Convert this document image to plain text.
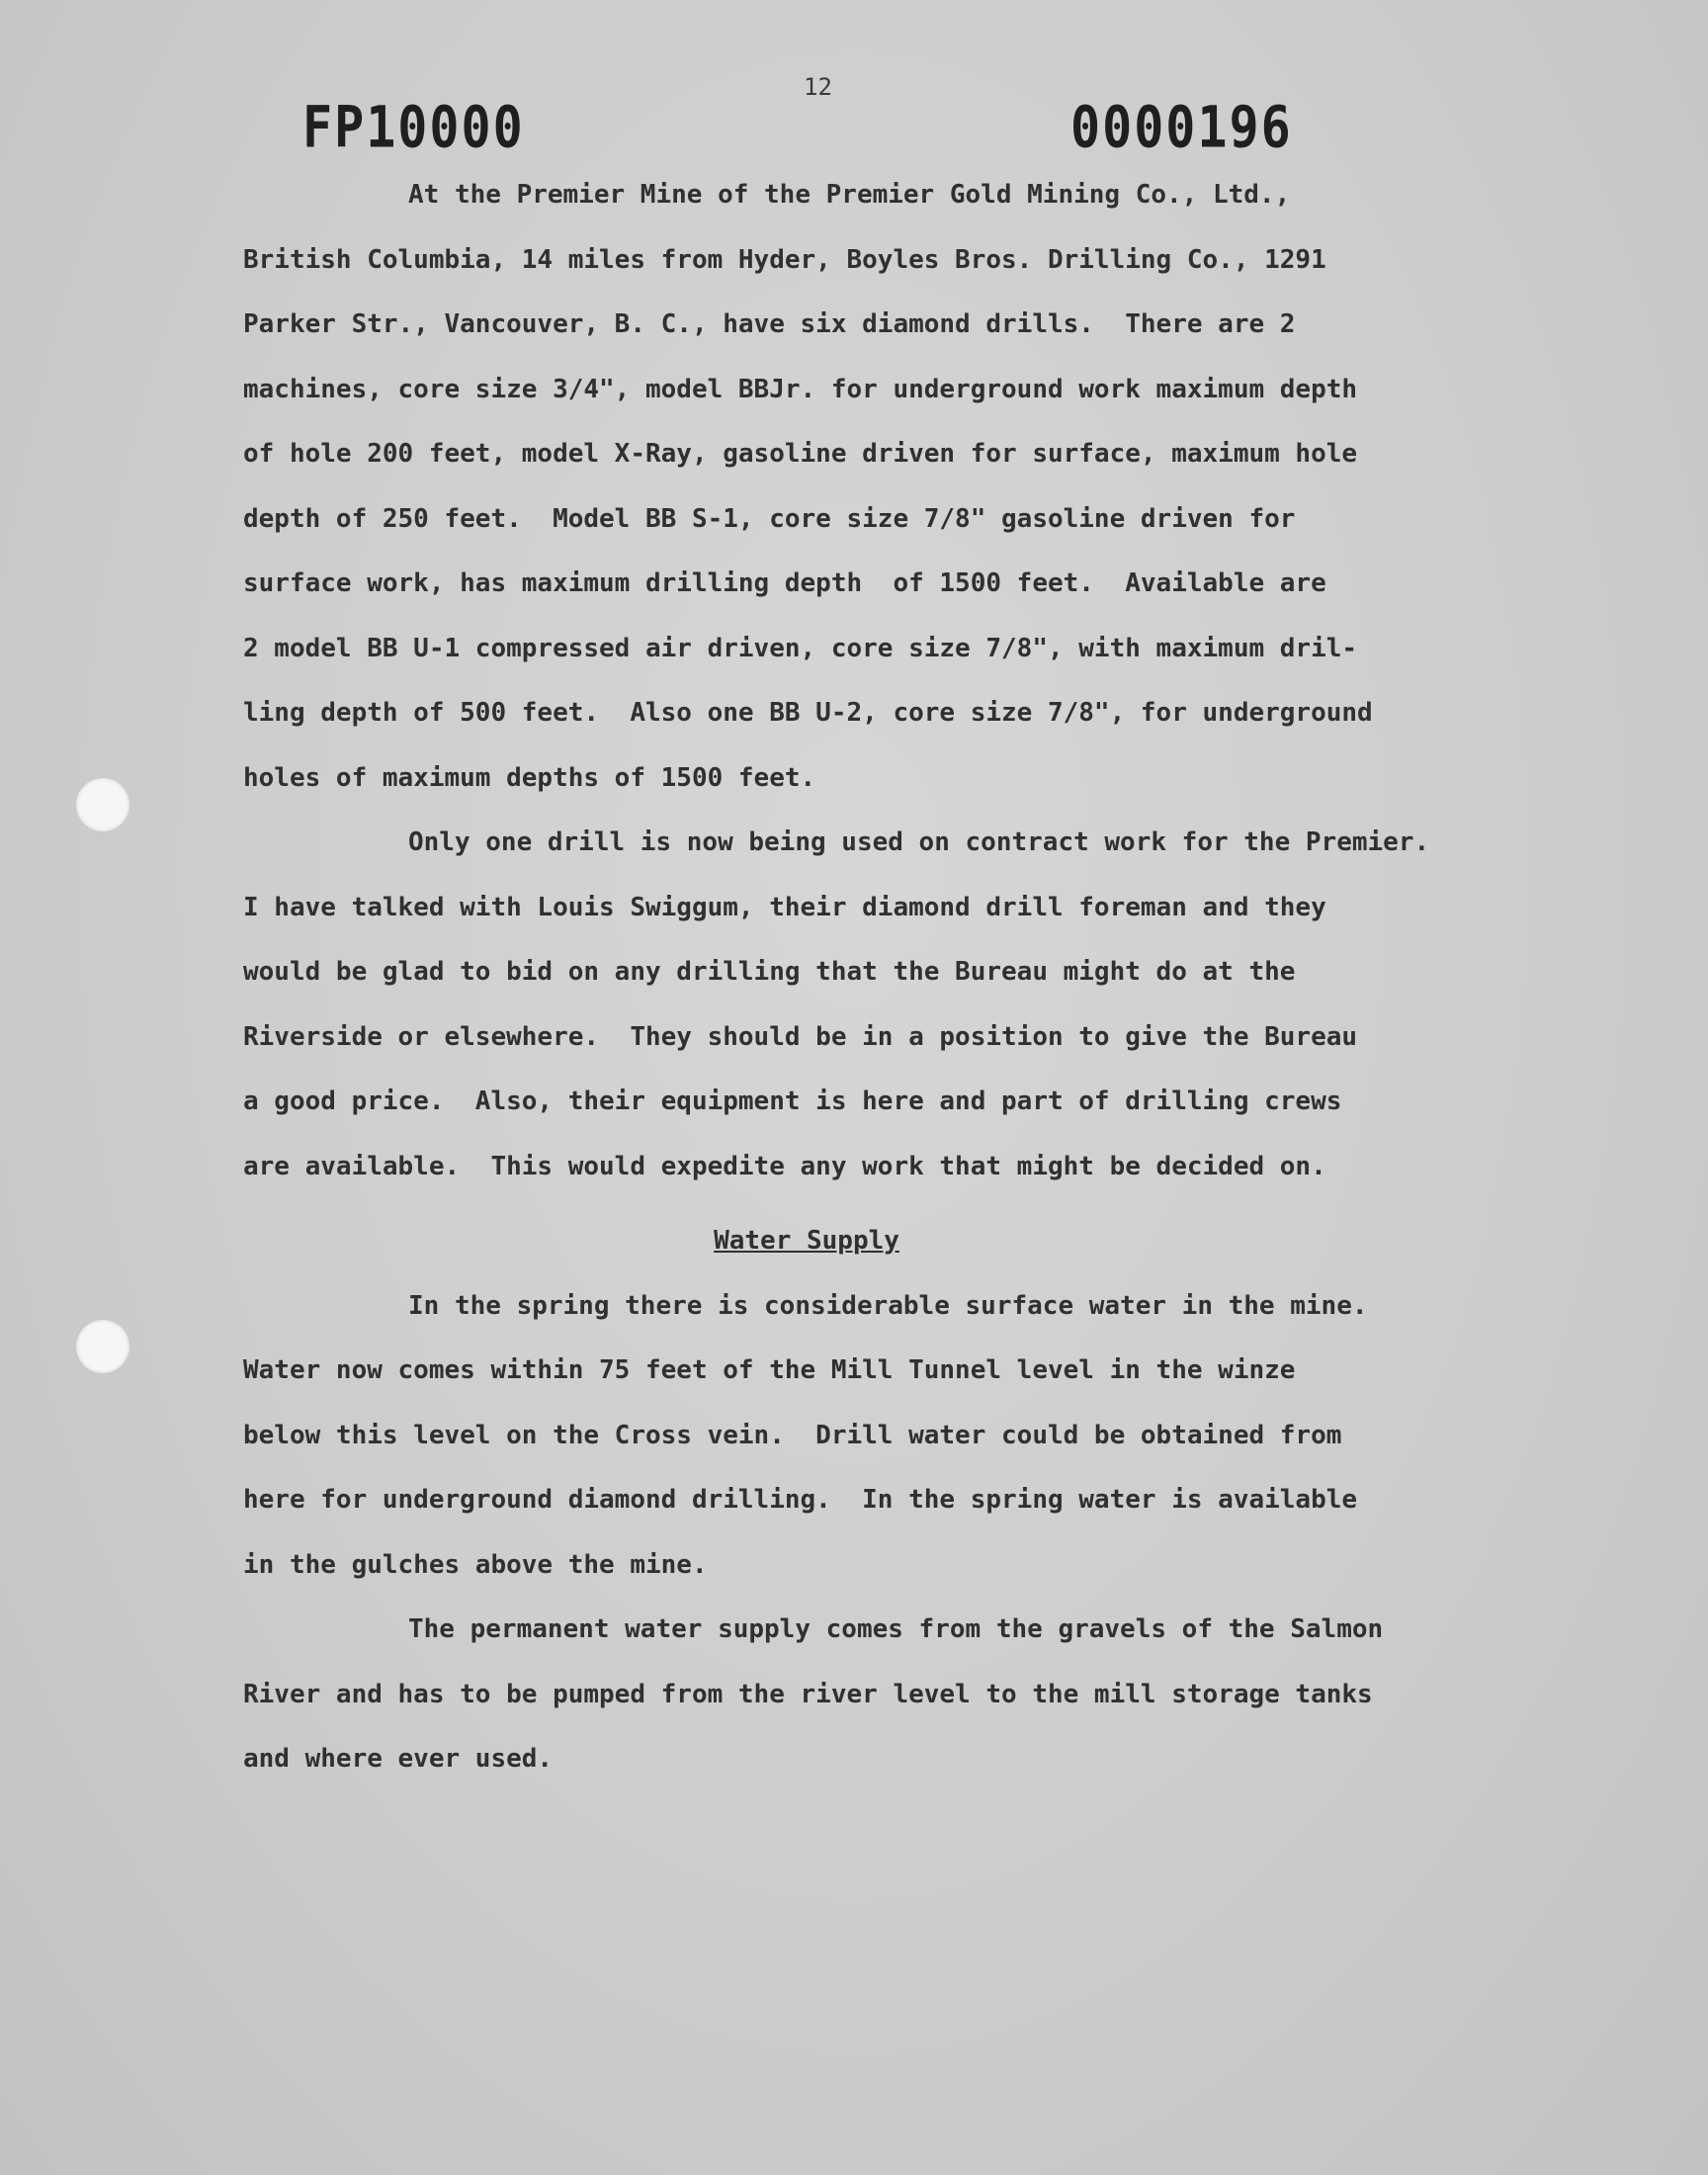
FP10000
12
0000196
At the Premier Mine of the Premier Gold Mining Co., Ltd.,
British Columbia, 14 miles from Hyder, Boyles Bros. Drilling Co., 1291
Parker Str., Vancouver, B. C., have six diamond drills.  There are 2
machines, core size 3/4", model BBJr. for underground work maximum depth
of hole 200 feet, model X-Ray, gasoline driven for surface, maximum hole
depth of 250 feet.  Model BB S-1, core size 7/8" gasoline driven for
surface work, has maximum drilling depth  of 1500 feet.  Available are
2 model BB U-1 compressed air driven, core size 7/8", with maximum dril-
ling depth of 500 feet.  Also one BB U-2, core size 7/8", for underground
holes of maximum depths of 1500 feet.
Only one drill is now being used on contract work for the Premier.
I have talked with Louis Swiggum, their diamond drill foreman and they
would be glad to bid on any drilling that the Bureau might do at the
Riverside or elsewhere.  They should be in a position to give the Bureau
a good price.  Also, their equipment is here and part of drilling crews
are available.  This would expedite any work that might be decided on.
Water Supply
In the spring there is considerable surface water in the mine.
Water now comes within 75 feet of the Mill Tunnel level in the winze
below this level on the Cross vein.  Drill water could be obtained from
here for underground diamond drilling.  In the spring water is available
in the gulches above the mine.
The permanent water supply comes from the gravels of the Salmon
River and has to be pumped from the river level to the mill storage tanks
and where ever used.
